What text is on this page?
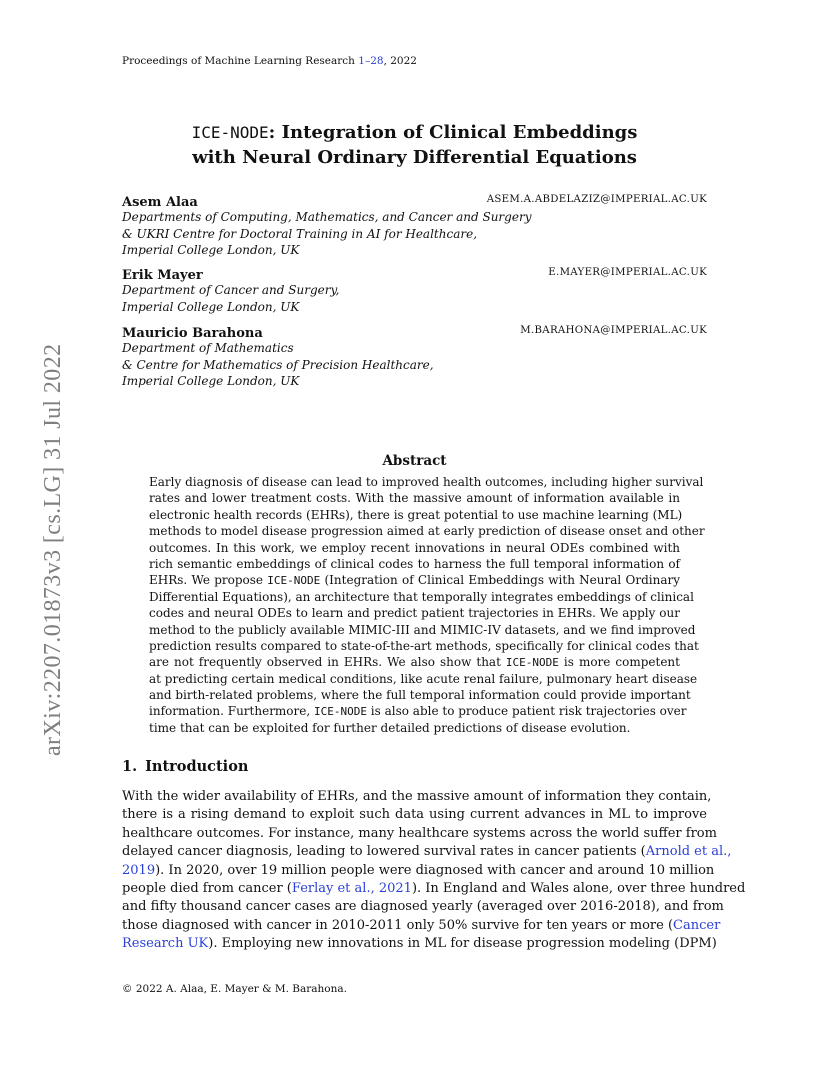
Proceedings of Machine Learning Research 1–28, 2022
arXiv:2207.01873v3 [cs.LG] 31 Jul 2022
ICE-NODE: Integration of Clinical Embeddings
with Neural Ordinary Differential Equations
Asem Alaa	ASEM.A.ABDELAZIZ@IMPERIAL.AC.UK
Departments of Computing, Mathematics, and Cancer and Surgery
& UKRI Centre for Doctoral Training in AI for Healthcare,
Imperial College London, UK
Erik Mayer	E.MAYER@IMPERIAL.AC.UK
Department of Cancer and Surgery,
Imperial College London, UK
Mauricio Barahona	M.BARAHONA@IMPERIAL.AC.UK
Department of Mathematics
& Centre for Mathematics of Precision Healthcare,
Imperial College London, UK
Abstract
Early diagnosis of disease can lead to improved health outcomes, including higher survival
rates and lower treatment costs. With the massive amount of information available in
electronic health records (EHRs), there is great potential to use machine learning (ML)
methods to model disease progression aimed at early prediction of disease onset and other
outcomes. In this work, we employ recent innovations in neural ODEs combined with
rich semantic embeddings of clinical codes to harness the full temporal information of
EHRs. We propose ICE-NODE (Integration of Clinical Embeddings with Neural Ordinary
Differential Equations), an architecture that temporally integrates embeddings of clinical
codes and neural ODEs to learn and predict patient trajectories in EHRs. We apply our
method to the publicly available MIMIC-III and MIMIC-IV datasets, and we find improved
prediction results compared to state-of-the-art methods, specifically for clinical codes that
are not frequently observed in EHRs. We also show that ICE-NODE is more competent
at predicting certain medical conditions, like acute renal failure, pulmonary heart disease
and birth-related problems, where the full temporal information could provide important
information. Furthermore, ICE-NODE is also able to produce patient risk trajectories over
time that can be exploited for further detailed predictions of disease evolution.
1. Introduction
With the wider availability of EHRs, and the massive amount of information they contain,
there is a rising demand to exploit such data using current advances in ML to improve
healthcare outcomes. For instance, many healthcare systems across the world suffer from
delayed cancer diagnosis, leading to lowered survival rates in cancer patients (Arnold et al.,
2019). In 2020, over 19 million people were diagnosed with cancer and around 10 million
people died from cancer (Ferlay et al., 2021). In England and Wales alone, over three hundred
and fifty thousand cancer cases are diagnosed yearly (averaged over 2016-2018), and from
those diagnosed with cancer in 2010-2011 only 50% survive for ten years or more (Cancer
Research UK). Employing new innovations in ML for disease progression modeling (DPM)
© 2022 A. Alaa, E. Mayer & M. Barahona.
